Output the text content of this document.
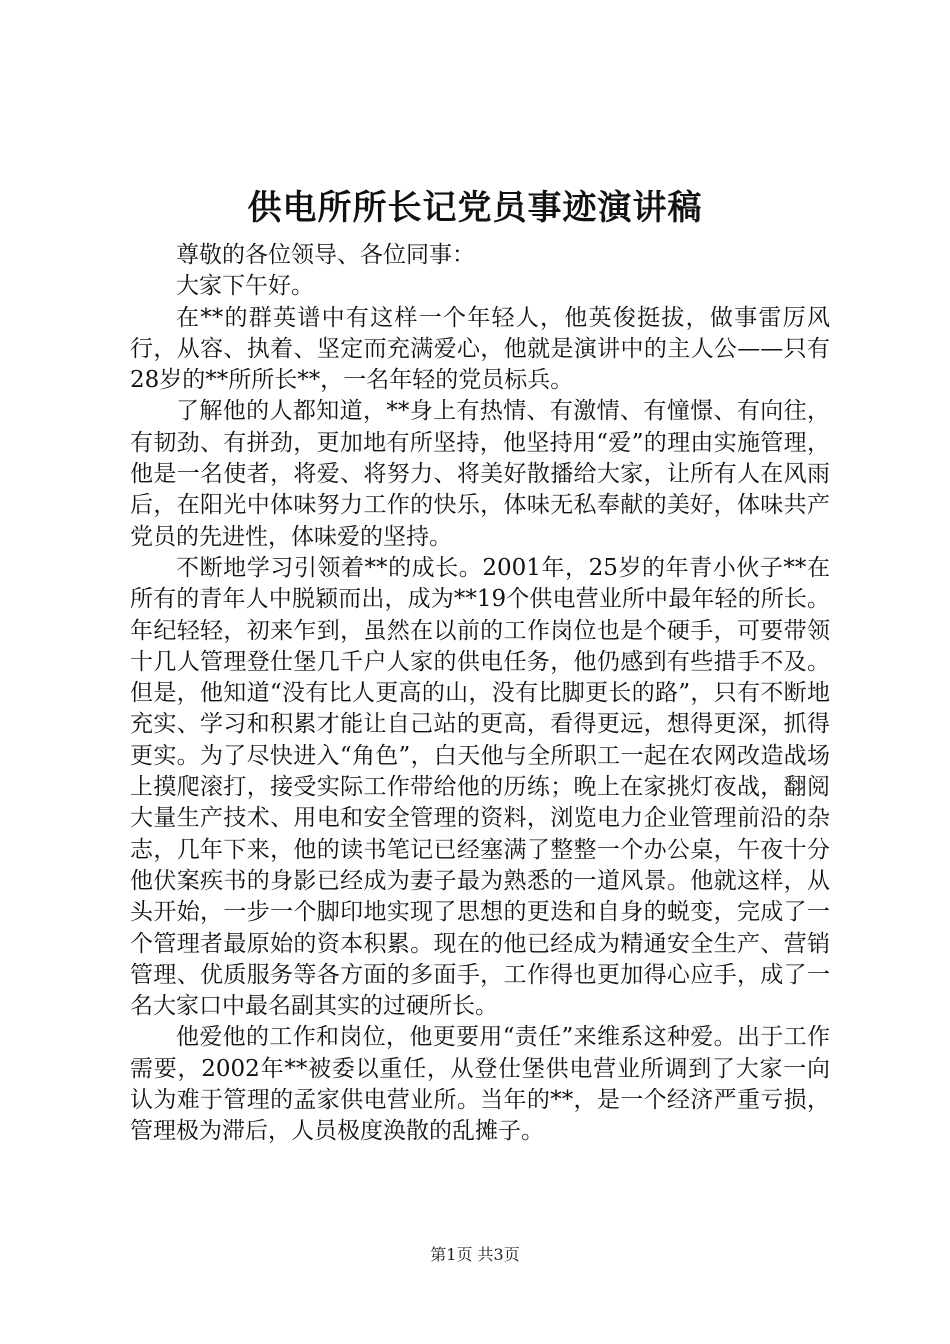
供电所所长记党员事迹演讲稿

尊敬的各位领导、各位同事：

大家下午好。

在**的群英谱中有这样一个年轻人，他英俊挺拔，做事雷厉风行，从容、执着、坚定而充满爱心，他就是演讲中的主人公——只有28岁的**所所长**，一名年轻的党员标兵。

了解他的人都知道，**身上有热情、有激情、有憧憬、有向往，有韧劲、有拼劲，更加地有所坚持，他坚持用“爱”的理由实施管理，他是一名使者，将爱、将努力、将美好散播给大家，让所有人在风雨后，在阳光中体味努力工作的快乐，体味无私奉献的美好，体味共产党员的先进性，体味爱的坚持。

不断地学习引领着**的成长。2001年，25岁的年青小伙子**在所有的青年人中脱颖而出，成为**19个供电营业所中最年轻的所长。年纪轻轻，初来乍到，虽然在以前的工作岗位也是个硬手，可要带领十几人管理登仕堡几千户人家的供电任务，他仍感到有些措手不及。但是，他知道“没有比人更高的山，没有比脚更长的路”，只有不断地充实、学习和积累才能让自己站的更高，看得更远，想得更深，抓得更实。为了尽快进入“角色”，白天他与全所职工一起在农网改造战场上摸爬滚打，接受实际工作带给他的历练；晚上在家挑灯夜战，翻阅大量生产技术、用电和安全管理的资料，浏览电力企业管理前沿的杂志，几年下来，他的读书笔记已经塞满了整整一个办公桌，午夜十分他伏案疾书的身影已经成为妻子最为熟悉的一道风景。他就这样，从头开始，一步一个脚印地实现了思想的更迭和自身的蜕变，完成了一个管理者最原始的资本积累。现在的他已经成为精通安全生产、营销管理、优质服务等各方面的多面手，工作得也更加得心应手，成了一名大家口中最名副其实的过硬所长。

他爱他的工作和岗位，他更要用“责任”来维系这种爱。出于工作需要，2002年**被委以重任，从登仕堡供电营业所调到了大家一向认为难于管理的孟家供电营业所。当年的**，是一个经济严重亏损，管理极为滞后，人员极度涣散的乱摊子。

第1页 共3页
